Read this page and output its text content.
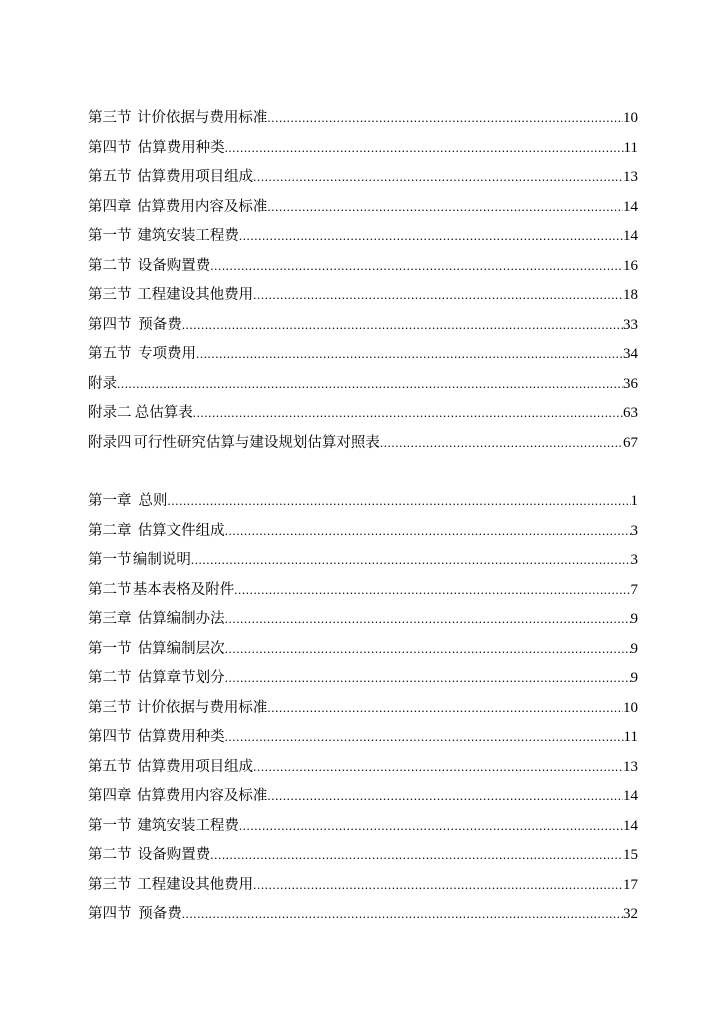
第三节 计价依据与费用标准 .....	10
第四节 估算费用种类 .....	11
第五节 估算费用项目组成 .....	13
第四章 估算费用内容及标准 .....	14
第一节 建筑安装工程费 .....	14
第二节 设备购置费 .....	16
第三节 工程建设其他费用 .....	18
第四节 预备费 .....	33
第五节 专项费用 .....	34
附录 .....	36
附录二 总估算表 .....	63
附录四 可行性研究估算与建设规划估算对照表 .....	67
第一章 总则 .....	1
第二章 估算文件组成 .....	3
第一节 编制说明 .....	3
第二节 基本表格及附件 .....	7
第三章 估算编制办法 .....	9
第一节 估算编制层次 .....	9
第二节 估算章节划分 .....	9
第三节 计价依据与费用标准 .....	10
第四节 估算费用种类 .....	11
第五节 估算费用项目组成 .....	13
第四章 估算费用内容及标准 .....	14
第一节 建筑安装工程费 .....	14
第二节 设备购置费 .....	15
第三节 工程建设其他费用 .....	17
第四节 预备费 .....	32
